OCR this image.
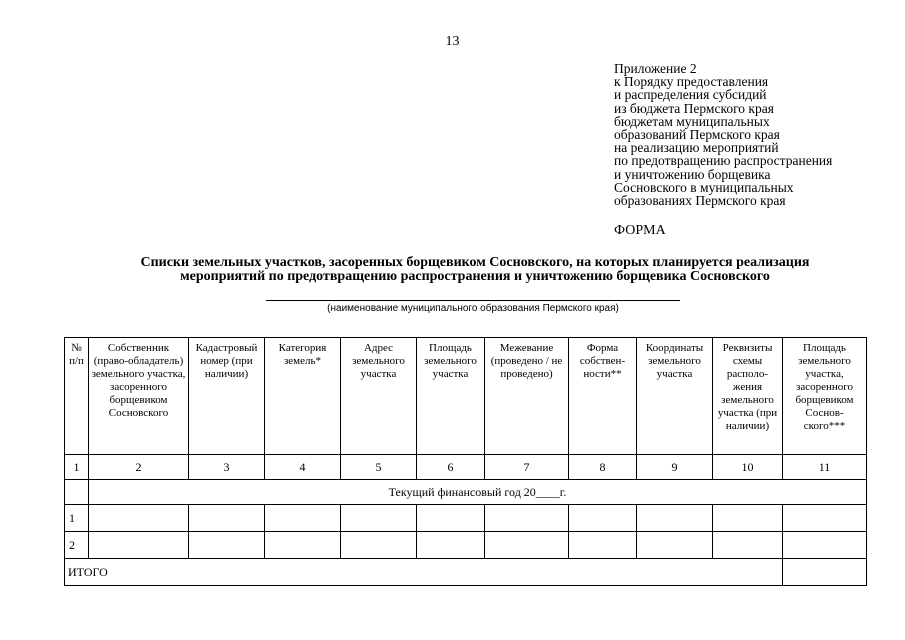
13
Приложение 2
к Порядку предоставления
и распределения субсидий
из бюджета Пермского края
бюджетам муниципальных
образований Пермского края
на реализацию мероприятий
по предотвращению распространения
и уничтожению борщевика
Сосновского в муниципальных
образованиях Пермского края
ФОРМА
Списки земельных участков, засоренных борщевиком Сосновского, на которых планируется реализация
мероприятий по предотвращению распространения и уничтожению борщевика Сосновского
(наименование муниципального образования Пермского края)
№ п/п	Собственник (право-обладатель) земельного участка, засоренного борщевиком Сосновского	Кадастровый номер (при наличии)	Категория земель*	Адрес земельного участка	Площадь земельного участка	Межевание (проведено / не проведено)	Форма собствен-ности**	Координаты земельного участка	Реквизиты схемы располо-жения земельного участка (при наличии)	Площадь земельного участка, засоренного борщевиком Соснов-ского***
1	2	3	4	5	6	7	8	9	10	11
	Текущий финансовый год 20____г.									
1										
2										
ИТОГО										
